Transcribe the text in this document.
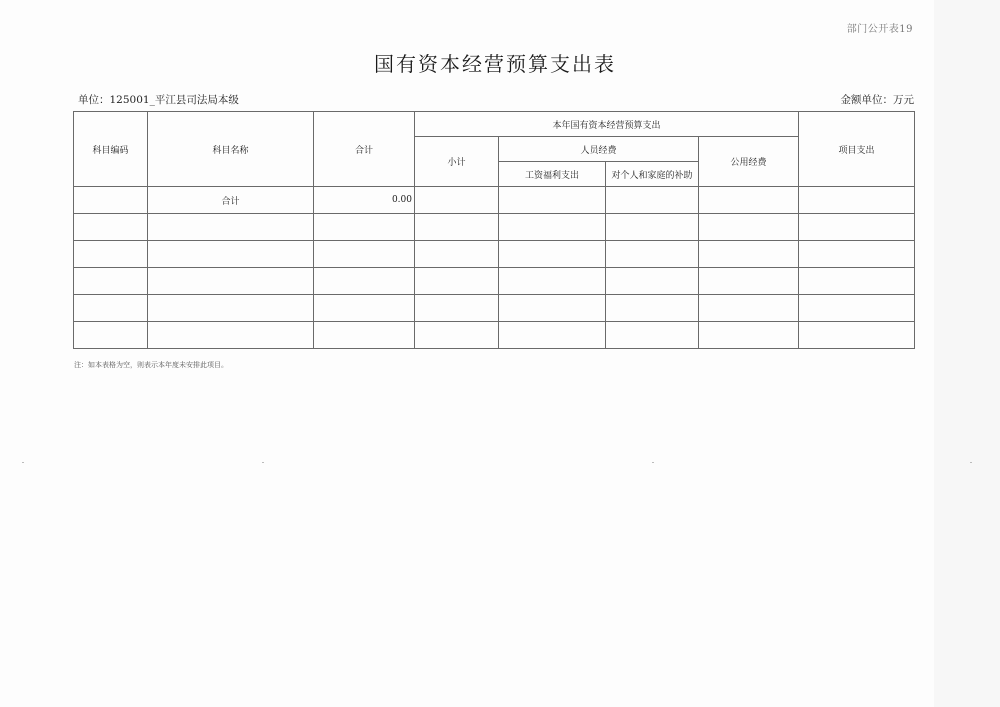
部门公开表19
国有资本经营预算支出表
单位：125001_平江县司法局本级	金额单位：万元
科目编码	科目名称	合计	本年国有资本经营预算支出				项目支出
			小计	人员经费		公用经费	
				工资福利支出	对个人和家庭的补助		
	合计	0.00					

注：如本表格为空，则表示本年度未安排此项目。
